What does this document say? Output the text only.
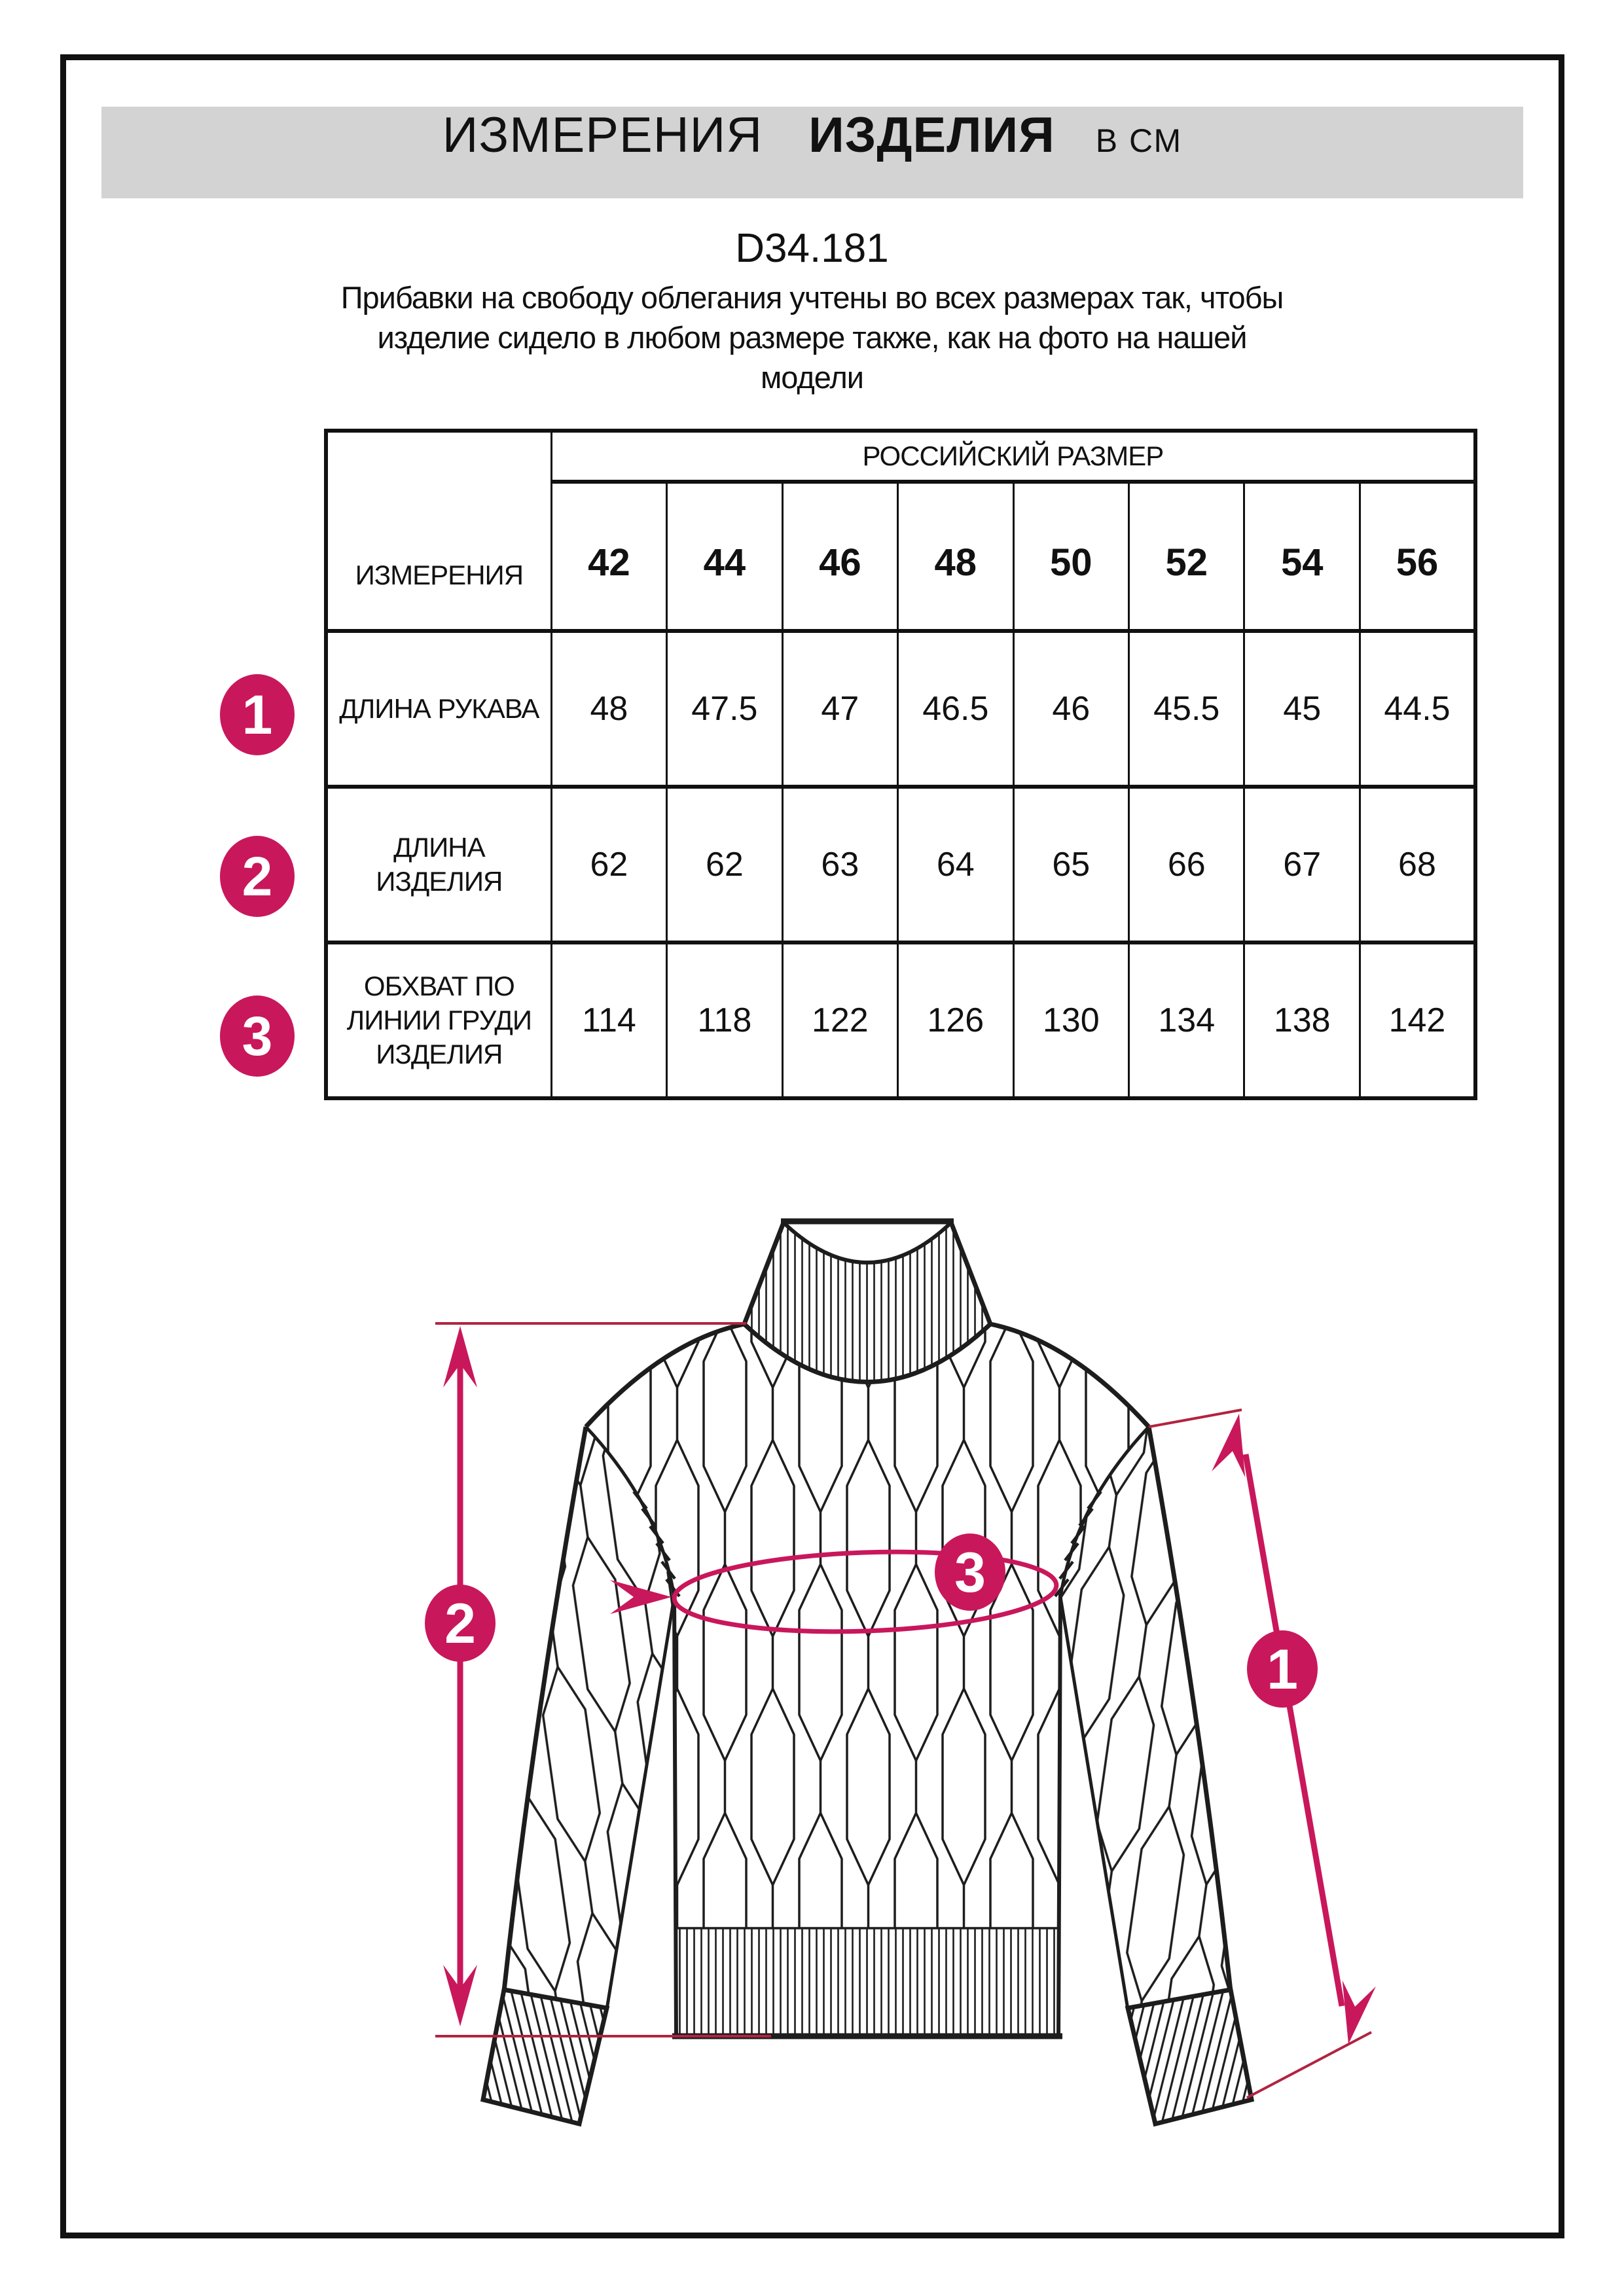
ИЗМЕРЕНИЯ ИЗДЕЛИЯ В СМ
D34.181
Прибавки на свободу облегания учтены во всех размерах так, чтобы
изделие сидело в любом размере также, как на фото на нашей
модели
ИЗМЕРЕНИЯ	РОССИЙСКИЙ РАЗМЕР							
	42	44	46	48	50	52	54	56

ДЛИНА РУКАВА	48	47.5	47	46.5	46	45.5	45	44.5

ДЛИНА
ИЗДЕЛИЯ	62	62	63	64	65	66	67	68

ОБХВАТ ПО
ЛИНИИ ГРУДИ
ИЗДЕЛИЯ	114	118	122	126	130	134	138	142
1
2
3
2
1
3
